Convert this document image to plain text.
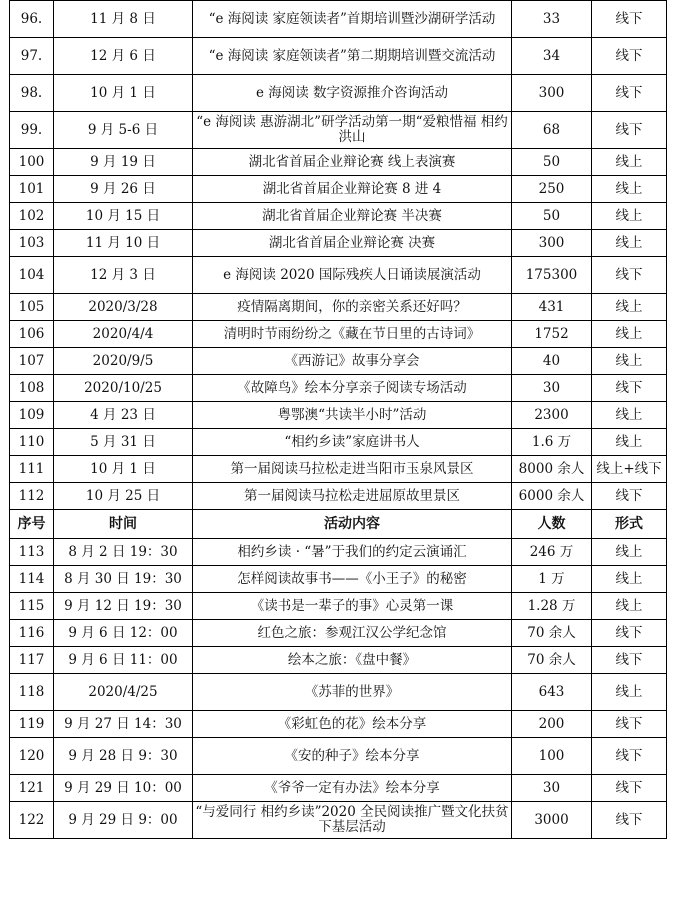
96.	11 月 8 日	“e 海阅读 家庭领读者”首期培训暨沙湖研学活动	33	线下
97.	12 月 6 日	“e 海阅读 家庭领读者”第二期期培训暨交流活动	34	线下
98.	10 月 1 日	e 海阅读 数字资源推介咨询活动	300	线下
99.	9 月 5-6 日	“e 海阅读 惠游湖北”研学活动第一期“爱粮惜福 相约洪山	68	线下
100	9 月 19 日	湖北省首届企业辩论赛 线上表演赛	50	线上
101	9 月 26 日	湖北省首届企业辩论赛 8 进 4	250	线上
102	10 月 15 日	湖北省首届企业辩论赛 半决赛	50	线上
103	11 月 10 日	湖北省首届企业辩论赛 决赛	300	线上
104	12 月 3 日	e 海阅读 2020 国际残疾人日诵读展演活动	175300	线下
105	2020/3/28	疫情隔离期间，你的亲密关系还好吗？	431	线上
106	2020/4/4	清明时节雨纷纷之《藏在节日里的古诗词》	1752	线上
107	2020/9/5	《西游记》故事分享会	40	线上
108	2020/10/25	《故障鸟》绘本分享亲子阅读专场活动	30	线下
109	4 月 23 日	粤鄂澳“共读半小时”活动	2300	线上
110	5 月 31 日	“相约乡读”家庭讲书人	1.6 万	线上
111	10 月 1 日	第一届阅读马拉松走进当阳市玉泉风景区	8000 余人	线上+线下
112	10 月 25 日	第一届阅读马拉松走进屈原故里景区	6000 余人	线下
序号	时间	活动内容	人数	形式
113	8 月 2 日 19：30	相约乡读 · “暑”于我们的约定云演诵汇	246 万	线上
114	8 月 30 日 19：30	怎样阅读故事书——《小王子》的秘密	1 万	线上
115	9 月 12 日 19：30	《读书是一辈子的事》心灵第一课	1.28 万	线上
116	9 月 6 日 12：00	红色之旅：参观江汉公学纪念馆	70 余人	线下
117	9 月 6 日 11：00	绘本之旅：《盘中餐》	70 余人	线下
118	2020/4/25	《苏菲的世界》	643	线上
119	9 月 27 日 14：30	《彩虹色的花》绘本分享	200	线下
120	9 月 28 日 9：30	《安的种子》绘本分享	100	线下
121	9 月 29 日 10：00	《爷爷一定有办法》绘本分享	30	线下
122	9 月 29 日 9：00	“与爱同行 相约乡读”2020 全民阅读推广暨文化扶贫下基层活动	3000	线下
